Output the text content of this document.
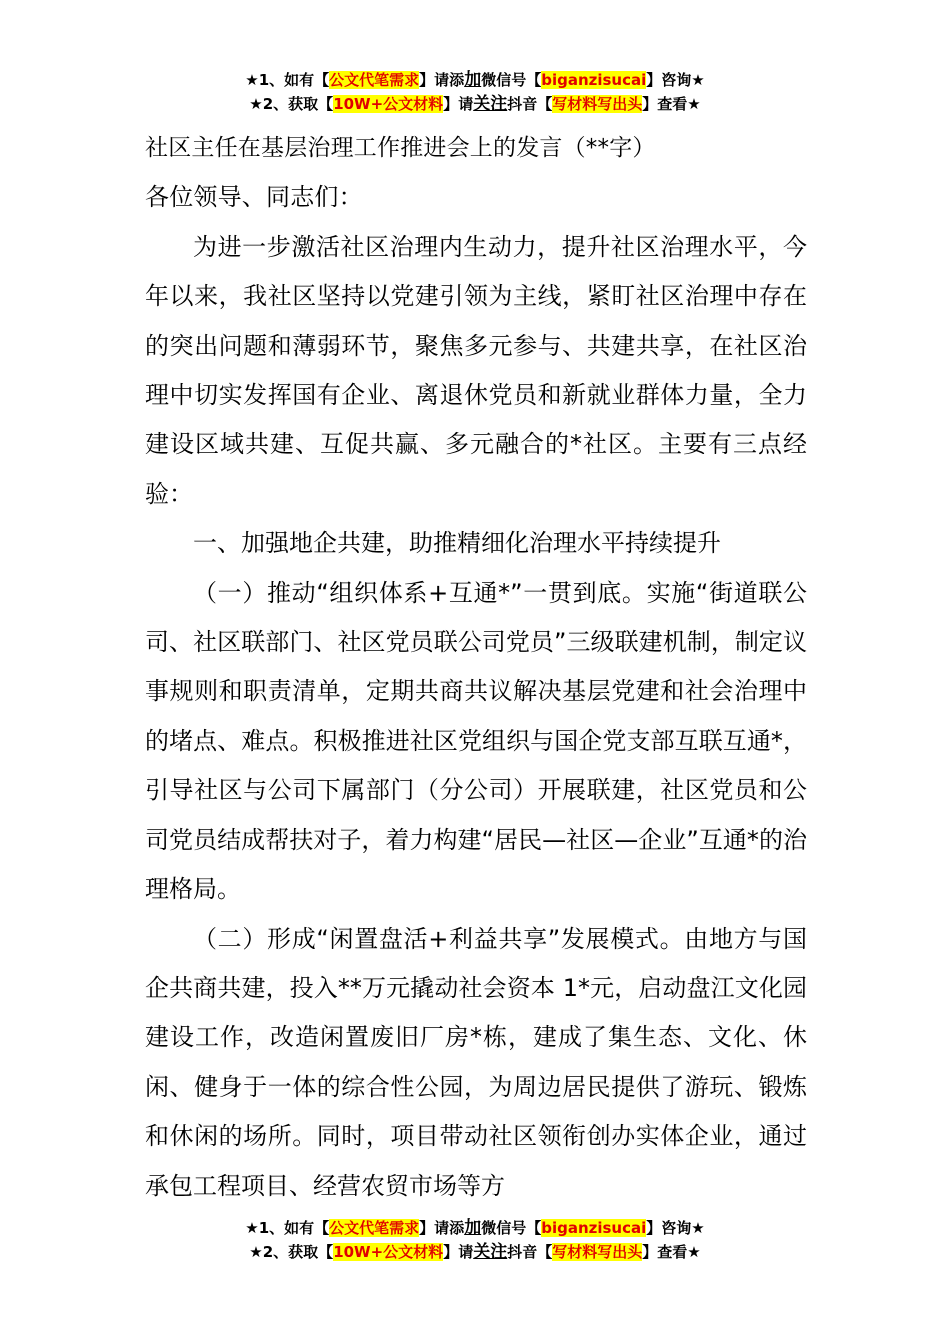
★1、如有【公文代笔需求】请添加微信号【biganzisucai】咨询★
★2、获取【10W+公文材料】请关注抖音【写材料写出头】查看★

社区主任在基层治理工作推进会上的发言（**字）

各位领导、同志们：

为进一步激活社区治理内生动力，提升社区治理水平，今年以来，我社区坚持以党建引领为主线，紧盯社区治理中存在的突出问题和薄弱环节，聚焦多元参与、共建共享，在社区治理中切实发挥国有企业、离退休党员和新就业群体力量，全力建设区域共建、互促共赢、多元融合的*社区。主要有三点经验：

一、加强地企共建，助推精细化治理水平持续提升

（一）推动“组织体系+互通*”一贯到底。实施“街道联公司、社区联部门、社区党员联公司党员”三级联建机制，制定议事规则和职责清单，定期共商共议解决基层党建和社会治理中的堵点、难点。积极推进社区党组织与国企党支部互联互通*，引导社区与公司下属部门（分公司）开展联建，社区党员和公司党员结成帮扶对子，着力构建“居民—社区—企业”互通*的治理格局。

（二）形成“闲置盘活+利益共享”发展模式。由地方与国企共商共建，投入**万元撬动社会资本 1*元，启动盘江文化园建设工作，改造闲置废旧厂房*栋，建成了集生态、文化、休闲、健身于一体的综合性公园，为周边居民提供了游玩、锻炼和休闲的场所。同时，项目带动社区领衔创办实体企业，通过承包工程项目、经营农贸市场等方

★1、如有【公文代笔需求】请添加微信号【biganzisucai】咨询★
★2、获取【10W+公文材料】请关注抖音【写材料写出头】查看★
